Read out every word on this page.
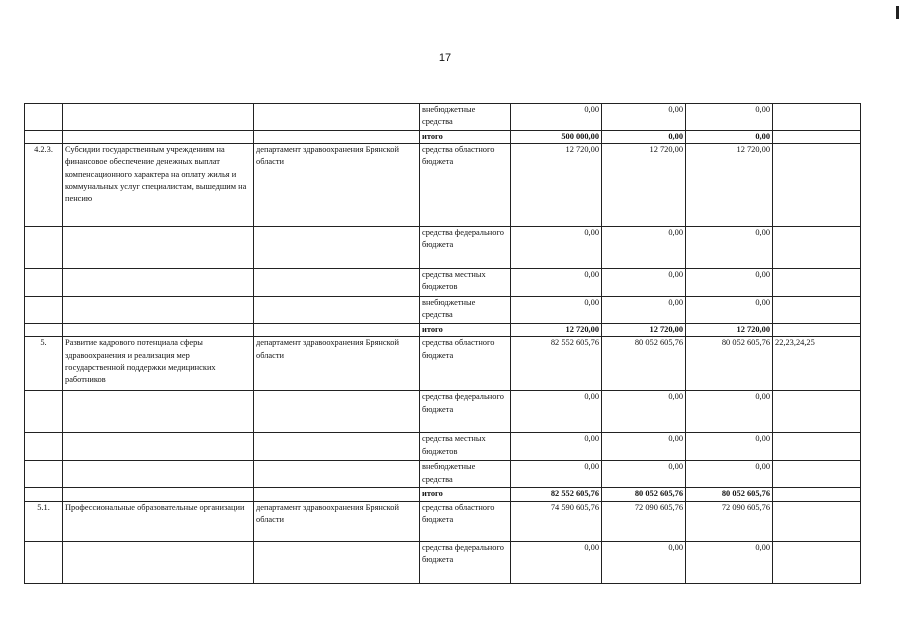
17
			внебюджетные средства	0,00	0,00	0,00	
			итого	500 000,00	0,00	0,00	
4.2.3.	Субсидии государственным учреждениям на финансовое обеспечение денежных выплат компенсационного характера на оплату жилья и коммунальных услуг специалистам, вышедшим на пенсию	департамент здравоохранения Брянской области	средства областного бюджета	12 720,00	12 720,00	12 720,00	
			средства федерального бюджета	0,00	0,00	0,00	
			средства местных бюджетов	0,00	0,00	0,00	
			внебюджетные средства	0,00	0,00	0,00	
			итого	12 720,00	12 720,00	12 720,00	
5.	Развитие кадрового потенциала сферы здравоохранения и реализация мер государственной поддержки медицинских работников	департамент здравоохранения Брянской области	средства областного бюджета	82 552 605,76	80 052 605,76	80 052 605,76	22,23,24,25
			средства федерального бюджета	0,00	0,00	0,00	
			средства местных бюджетов	0,00	0,00	0,00	
			внебюджетные средства	0,00	0,00	0,00	
			итого	82 552 605,76	80 052 605,76	80 052 605,76	
5.1.	Профессиональные образовательные организации	департамент здравоохранения Брянской области	средства областного бюджета	74 590 605,76	72 090 605,76	72 090 605,76	
			средства федерального бюджета	0,00	0,00	0,00	
